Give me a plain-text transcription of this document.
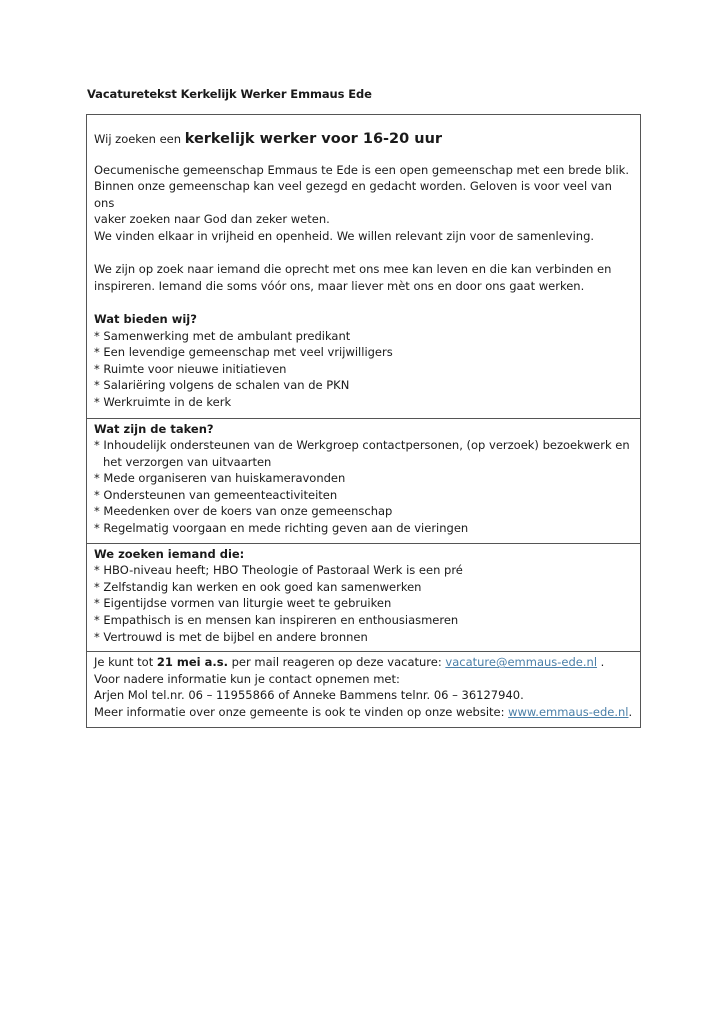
Vacaturetekst Kerkelijk Werker Emmaus Ede
Wij zoeken een kerkelijk werker voor 16-20 uur

Oecumenische gemeenschap Emmaus te Ede is een open gemeenschap met een brede blik.

Binnen onze gemeenschap kan veel gezegd en gedacht worden. Geloven is voor veel van ons

vaker zoeken naar God dan zeker weten.

We vinden elkaar in vrijheid en openheid. We willen relevant zijn voor de samenleving.

We zijn op zoek naar iemand die oprecht met ons mee kan leven en die kan verbinden en

inspireren. Iemand die soms vóór ons, maar liever mèt ons en door ons gaat werken.

Wat bieden wij?

* Samenwerking met de ambulant predikant

* Een levendige gemeenschap met veel vrijwilligers

* Ruimte voor nieuwe initiatieven

* Salariëring volgens de schalen van de PKN

* Werkruimte in de kerk

Wat zijn de taken?

* Inhoudelijk ondersteunen van de Werkgroep contactpersonen, (op verzoek) bezoekwerk en

het verzorgen van uitvaarten

* Mede organiseren van huiskameravonden

* Ondersteunen van gemeenteactiviteiten

* Meedenken over de koers van onze gemeenschap

* Regelmatig voorgaan en mede richting geven aan de vieringen

We zoeken iemand die:

* HBO-niveau heeft; HBO Theologie of Pastoraal Werk is een pré

* Zelfstandig kan werken en ook goed kan samenwerken

* Eigentijdse vormen van liturgie weet te gebruiken

* Empathisch is en mensen kan inspireren en enthousiasmeren

* Vertrouwd is met de bijbel en andere bronnen

Je kunt tot 21 mei a.s. per mail reageren op deze vacature: vacature@emmaus-ede.nl .

Voor nadere informatie kun je contact opnemen met:

Arjen Mol tel.nr. 06 – 11955866 of Anneke Bammens telnr. 06 – 36127940.

Meer informatie over onze gemeente is ook te vinden op onze website: www.emmaus-ede.nl.
